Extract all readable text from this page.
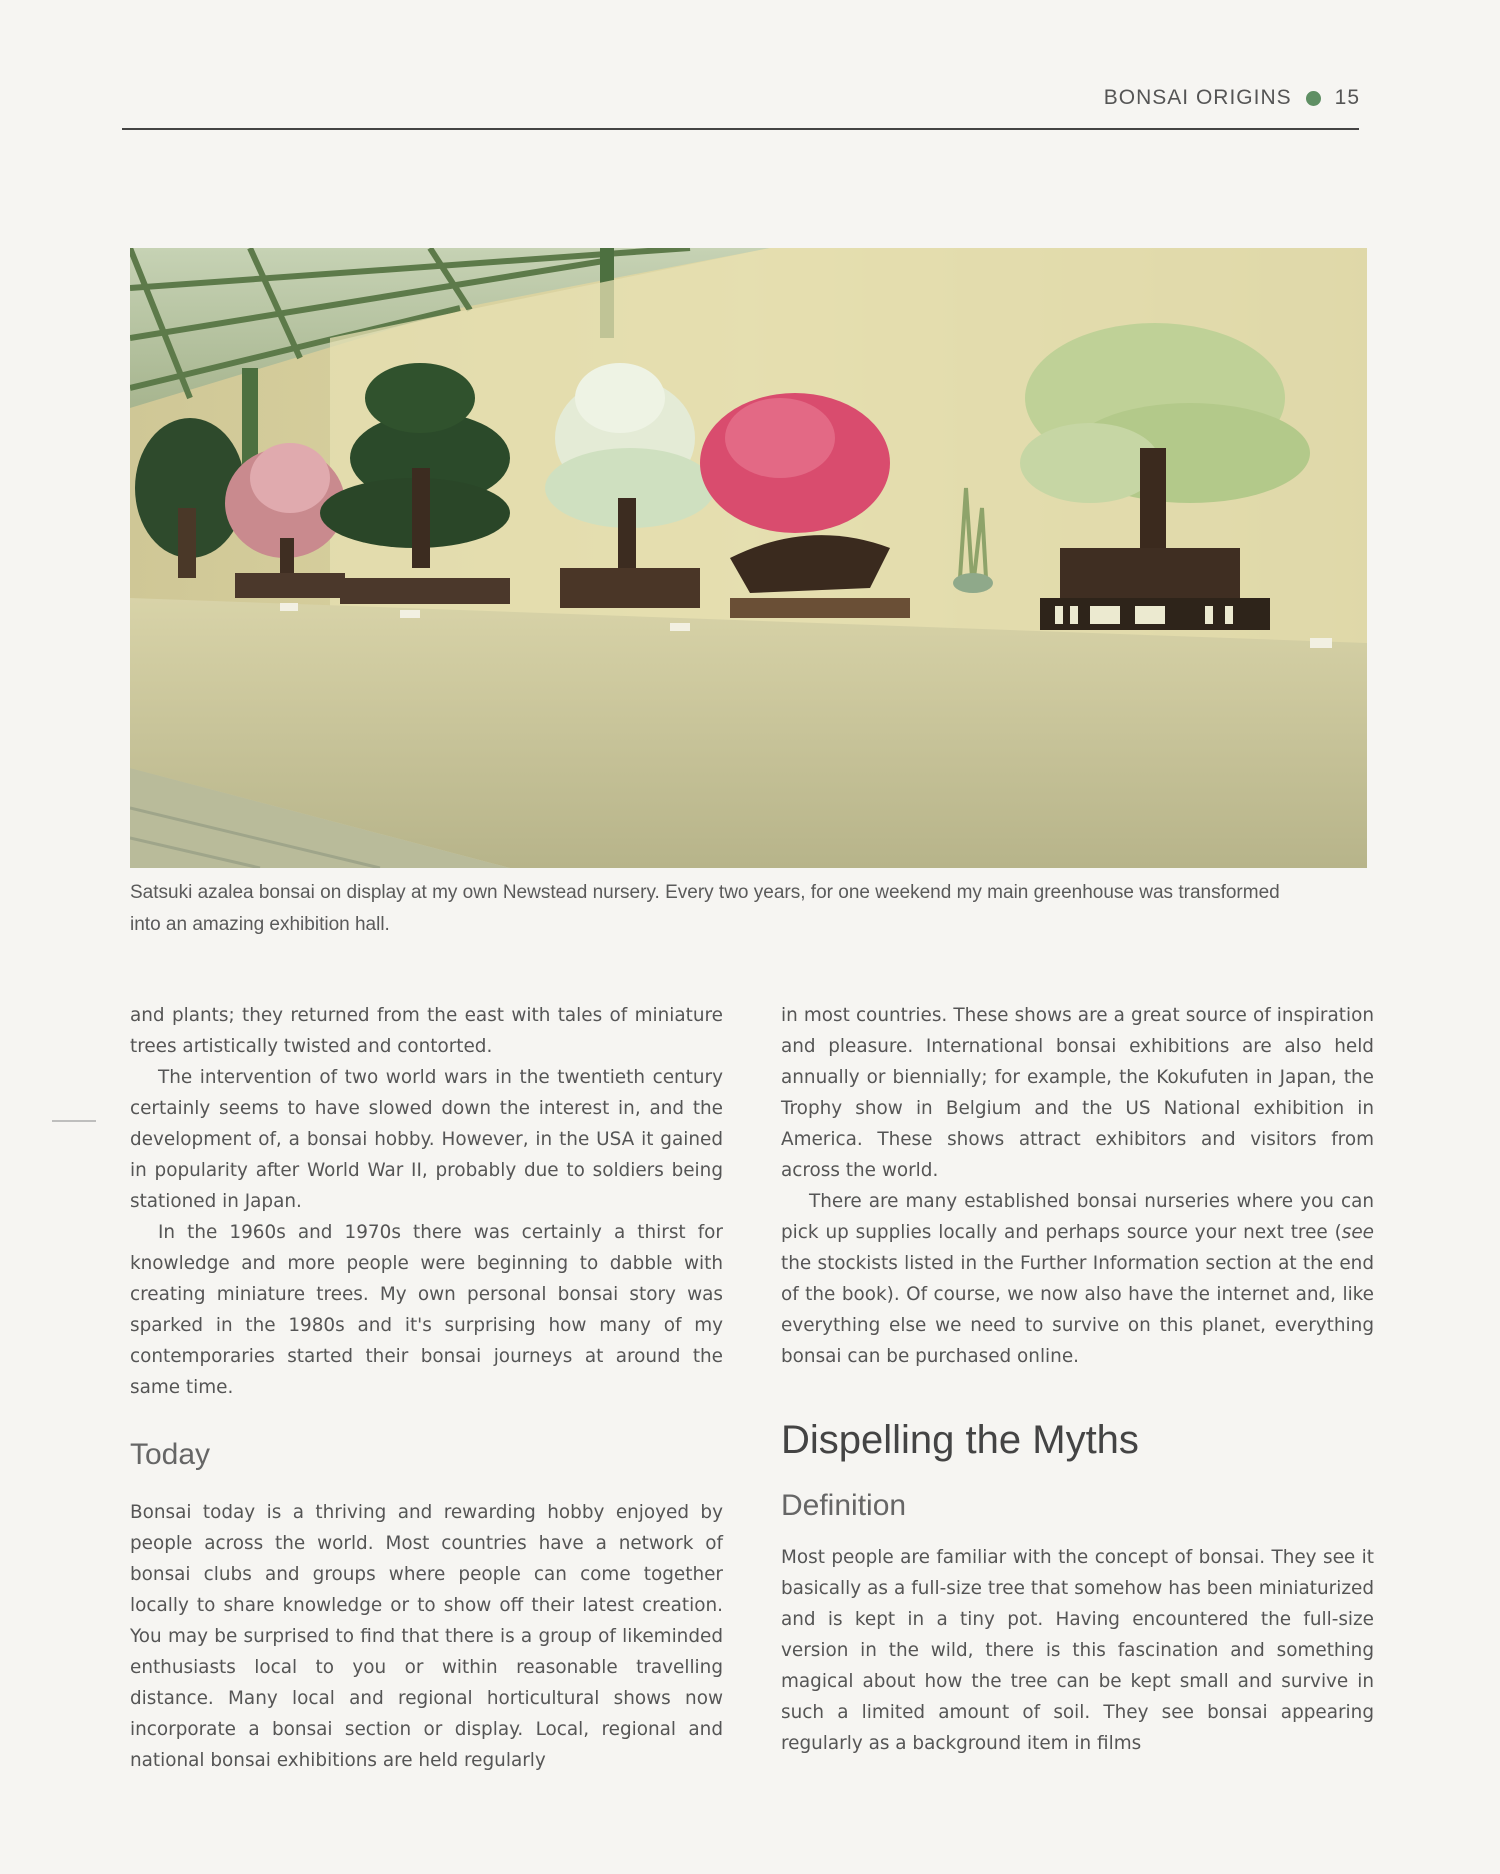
BONSAI ORIGINS 15
Satsuki azalea bonsai on display at my own Newstead nursery. Every two years, for one weekend my main greenhouse was transformed into an amazing exhibition hall.

and plants; they returned from the east with tales of miniature trees artistically twisted and contorted.

The intervention of two world wars in the twentieth century certainly seems to have slowed down the interest in, and the development of, a bonsai hobby. However, in the USA it gained in popularity after World War II, probably due to soldiers being stationed in Japan.

In the 1960s and 1970s there was certainly a thirst for knowledge and more people were beginning to dabble with creating miniature trees. My own personal bonsai story was sparked in the 1980s and it's surprising how many of my contemporaries started their bonsai journeys at around the same time.

Today

Bonsai today is a thriving and rewarding hobby enjoyed by people across the world. Most countries have a network of bonsai clubs and groups where people can come together locally to share knowledge or to show off their latest creation. You may be surprised to find that there is a group of likeminded enthusiasts local to you or within reasonable travelling distance. Many local and regional horticultural shows now incorporate a bonsai section or display. Local, regional and national bonsai exhibitions are held regularly

in most countries. These shows are a great source of inspiration and pleasure. International bonsai exhibitions are also held annually or biennially; for example, the Kokufuten in Japan, the Trophy show in Belgium and the US National exhibition in America. These shows attract exhibitors and visitors from across the world.

There are many established bonsai nurseries where you can pick up supplies locally and perhaps source your next tree (see the stockists listed in the Further Information section at the end of the book). Of course, we now also have the internet and, like everything else we need to survive on this planet, everything bonsai can be purchased online.

Dispelling the Myths
Definition

Most people are familiar with the concept of bonsai. They see it basically as a full-size tree that somehow has been miniaturized and is kept in a tiny pot. Having encountered the full-size version in the wild, there is this fascination and something magical about how the tree can be kept small and survive in such a limited amount of soil. They see bonsai appearing regularly as a background item in films
